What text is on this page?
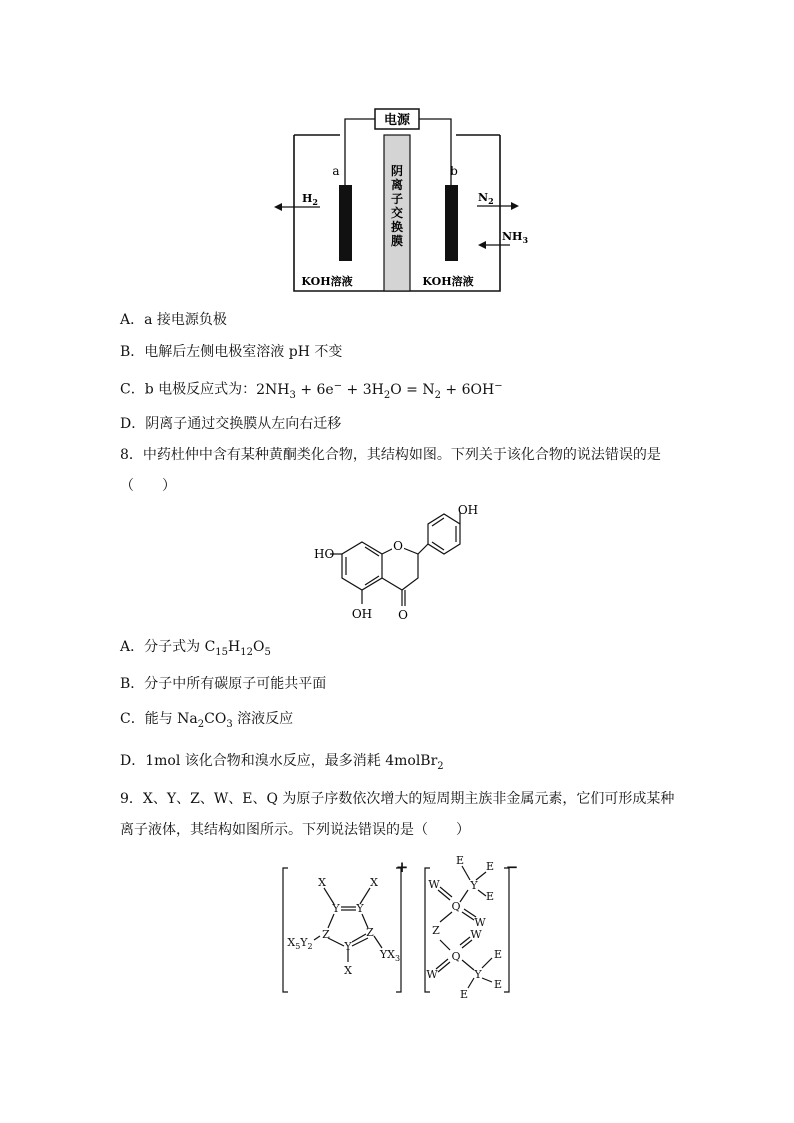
电源
阴
离
子
交
换
膜
a	b
$H_2$	$N_2$
$NH_3$
KOH溶液	KOH溶液
A．a 接电源负极
B．电解后左侧电极室溶液 pH 不变
C．b 电极反应式为：$2NH_3 + 6e^- + 3H_2O = N_2 + 6OH^-$
D．阴离子通过交换膜从左向右迁移
8．中药杜仲中含有某种黄酮类化合物，其结构如图。下列关于该化合物的说法错误的是
（　　）
O
HO
OH O
OH
A．分子式为 $C_{15}H_{12}O_5$
B．分子中所有碳原子可能共平面
C．能与 $Na_2CO_3$ 溶液反应
D．1mol 该化合物和溴水反应，最多消耗 4molBr$_2$
9．X、Y、Z、W、E、Q 为原子序数依次增大的短周期主族非金属元素，它们可形成某种
离子液体，其结构如图所示。下列说法错误的是（　　）
+
X	X
Y Y
Z	Z
Y
X
$X_5Y_2$
$YX_3$
−
E E
E
Y
W
Q
W
Z	W
Q
W	Y
E
E
E
